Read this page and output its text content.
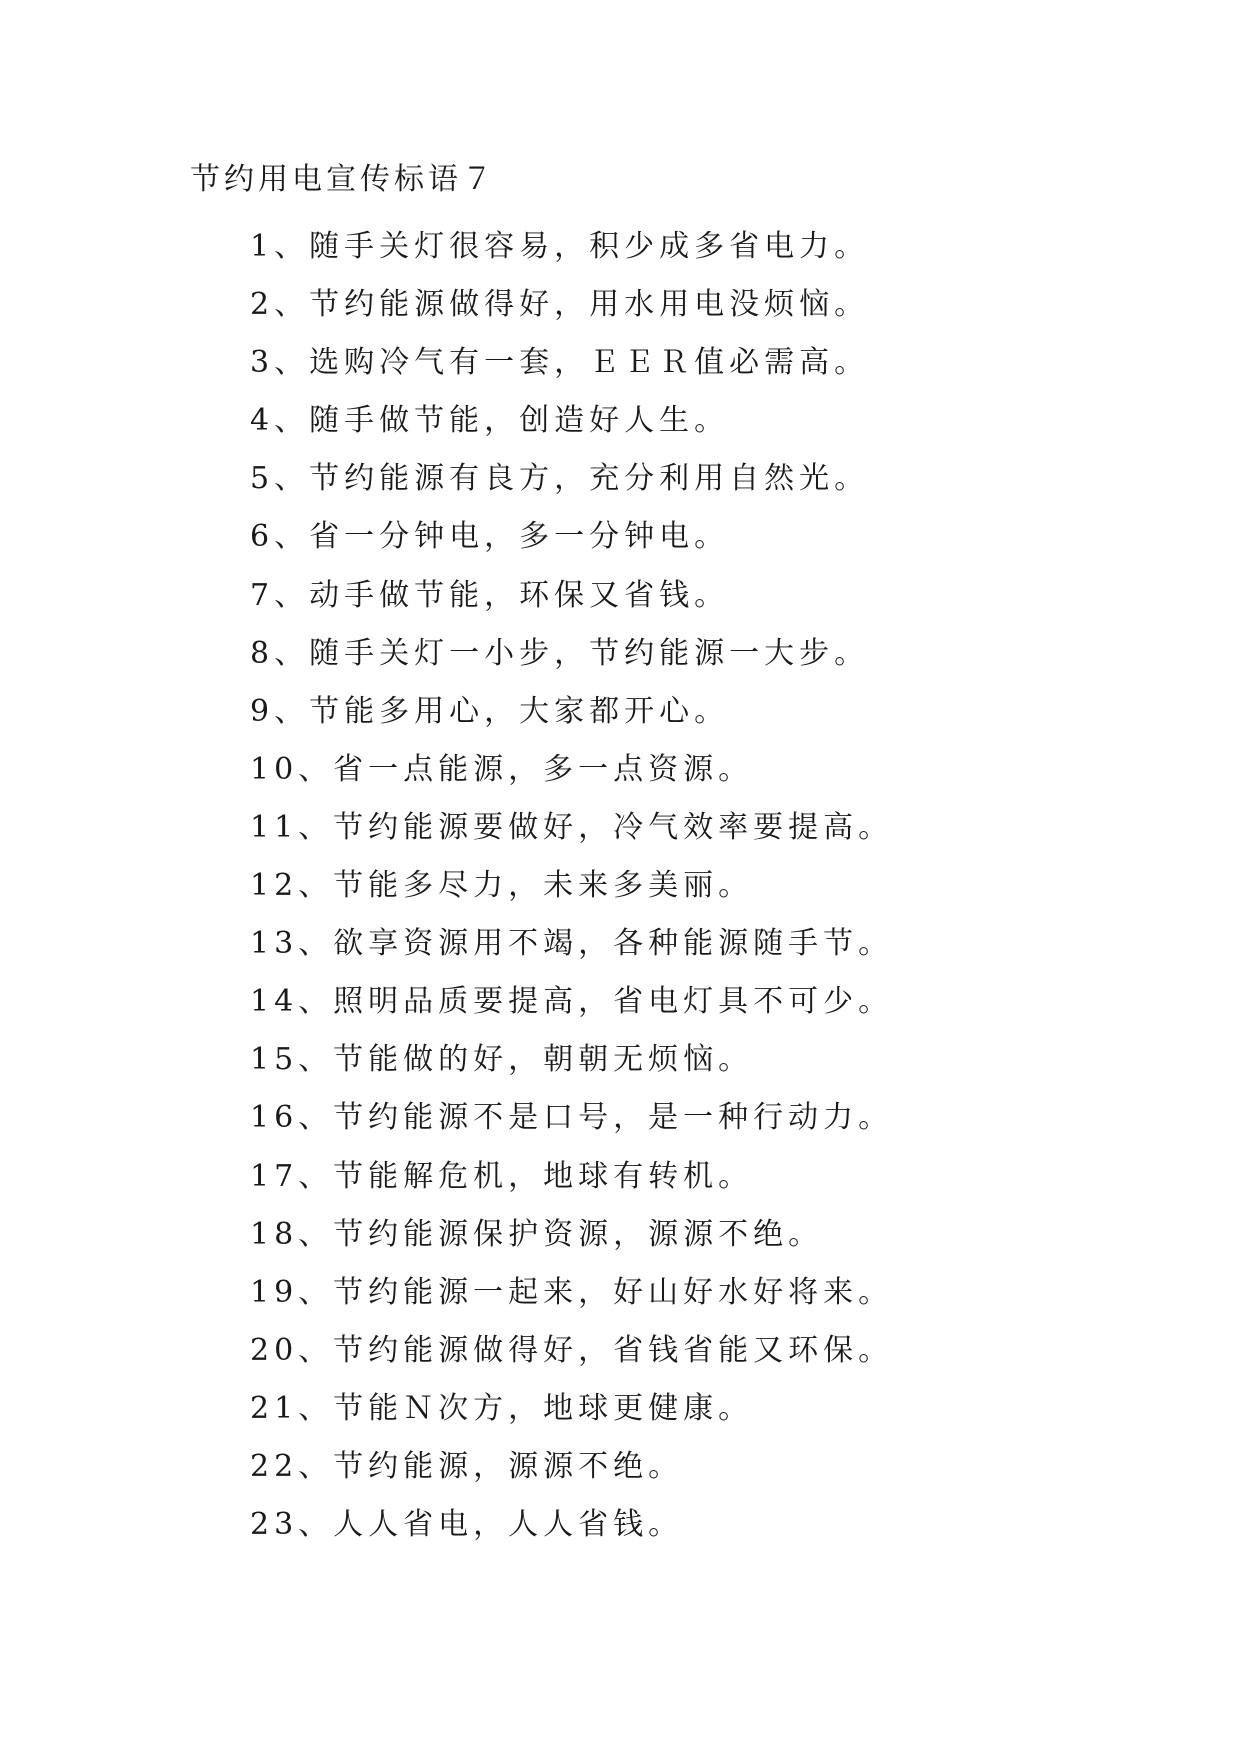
节约用电宣传标语７
1、随手关灯很容易，积少成多省电力。
2、节约能源做得好，用水用电没烦恼。
3、选购冷气有一套，ＥＥＲ值必需高。
4、随手做节能，创造好人生。
5、节约能源有良方，充分利用自然光。
6、省一分钟电，多一分钟电。
7、动手做节能，环保又省钱。
8、随手关灯一小步，节约能源一大步。
9、节能多用心，大家都开心。
10、省一点能源，多一点资源。
11、节约能源要做好，冷气效率要提高。
12、节能多尽力，未来多美丽。
13、欲享资源用不竭，各种能源随手节。
14、照明品质要提高，省电灯具不可少。
15、节能做的好，朝朝无烦恼。
16、节约能源不是口号，是一种行动力。
17、节能解危机，地球有转机。
18、节约能源保护资源，源源不绝。
19、节约能源一起来，好山好水好将来。
20、节约能源做得好，省钱省能又环保。
21、节能Ｎ次方，地球更健康。
22、节约能源，源源不绝。
23、人人省电，人人省钱。
